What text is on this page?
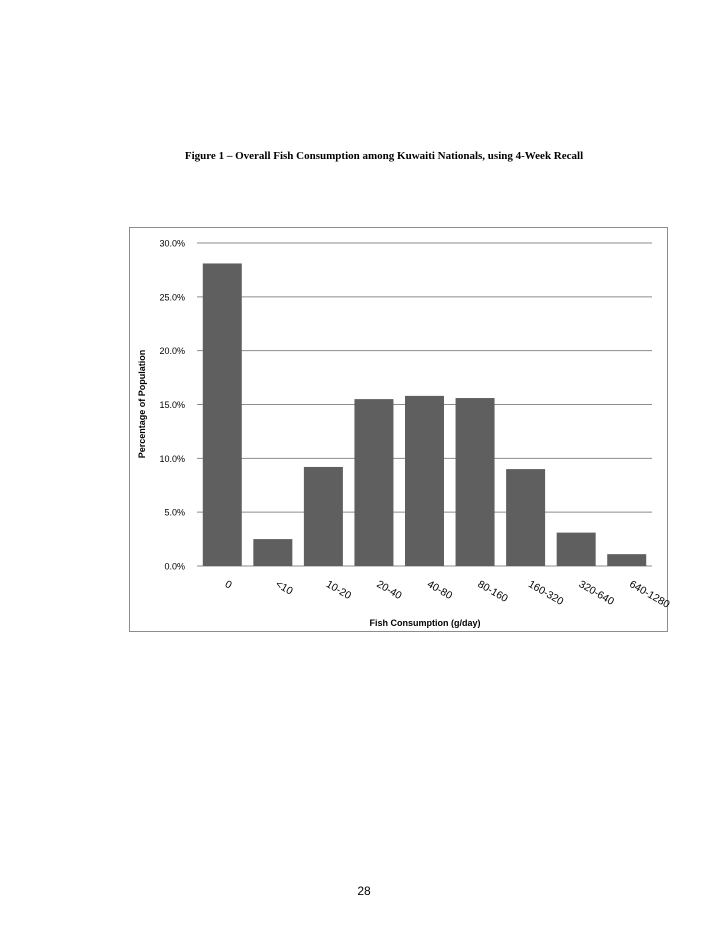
Figure 1 – Overall Fish Consumption among Kuwaiti Nationals, using 4-Week Recall
0.0%
5.0%
10.0%
15.0%
20.0%
25.0%
30.0%
0	<10	10-20 20-40 40-80 80-160 160-320 320-640 640-1280
Fish Consumption (g/day)
Percentage of Population
28
